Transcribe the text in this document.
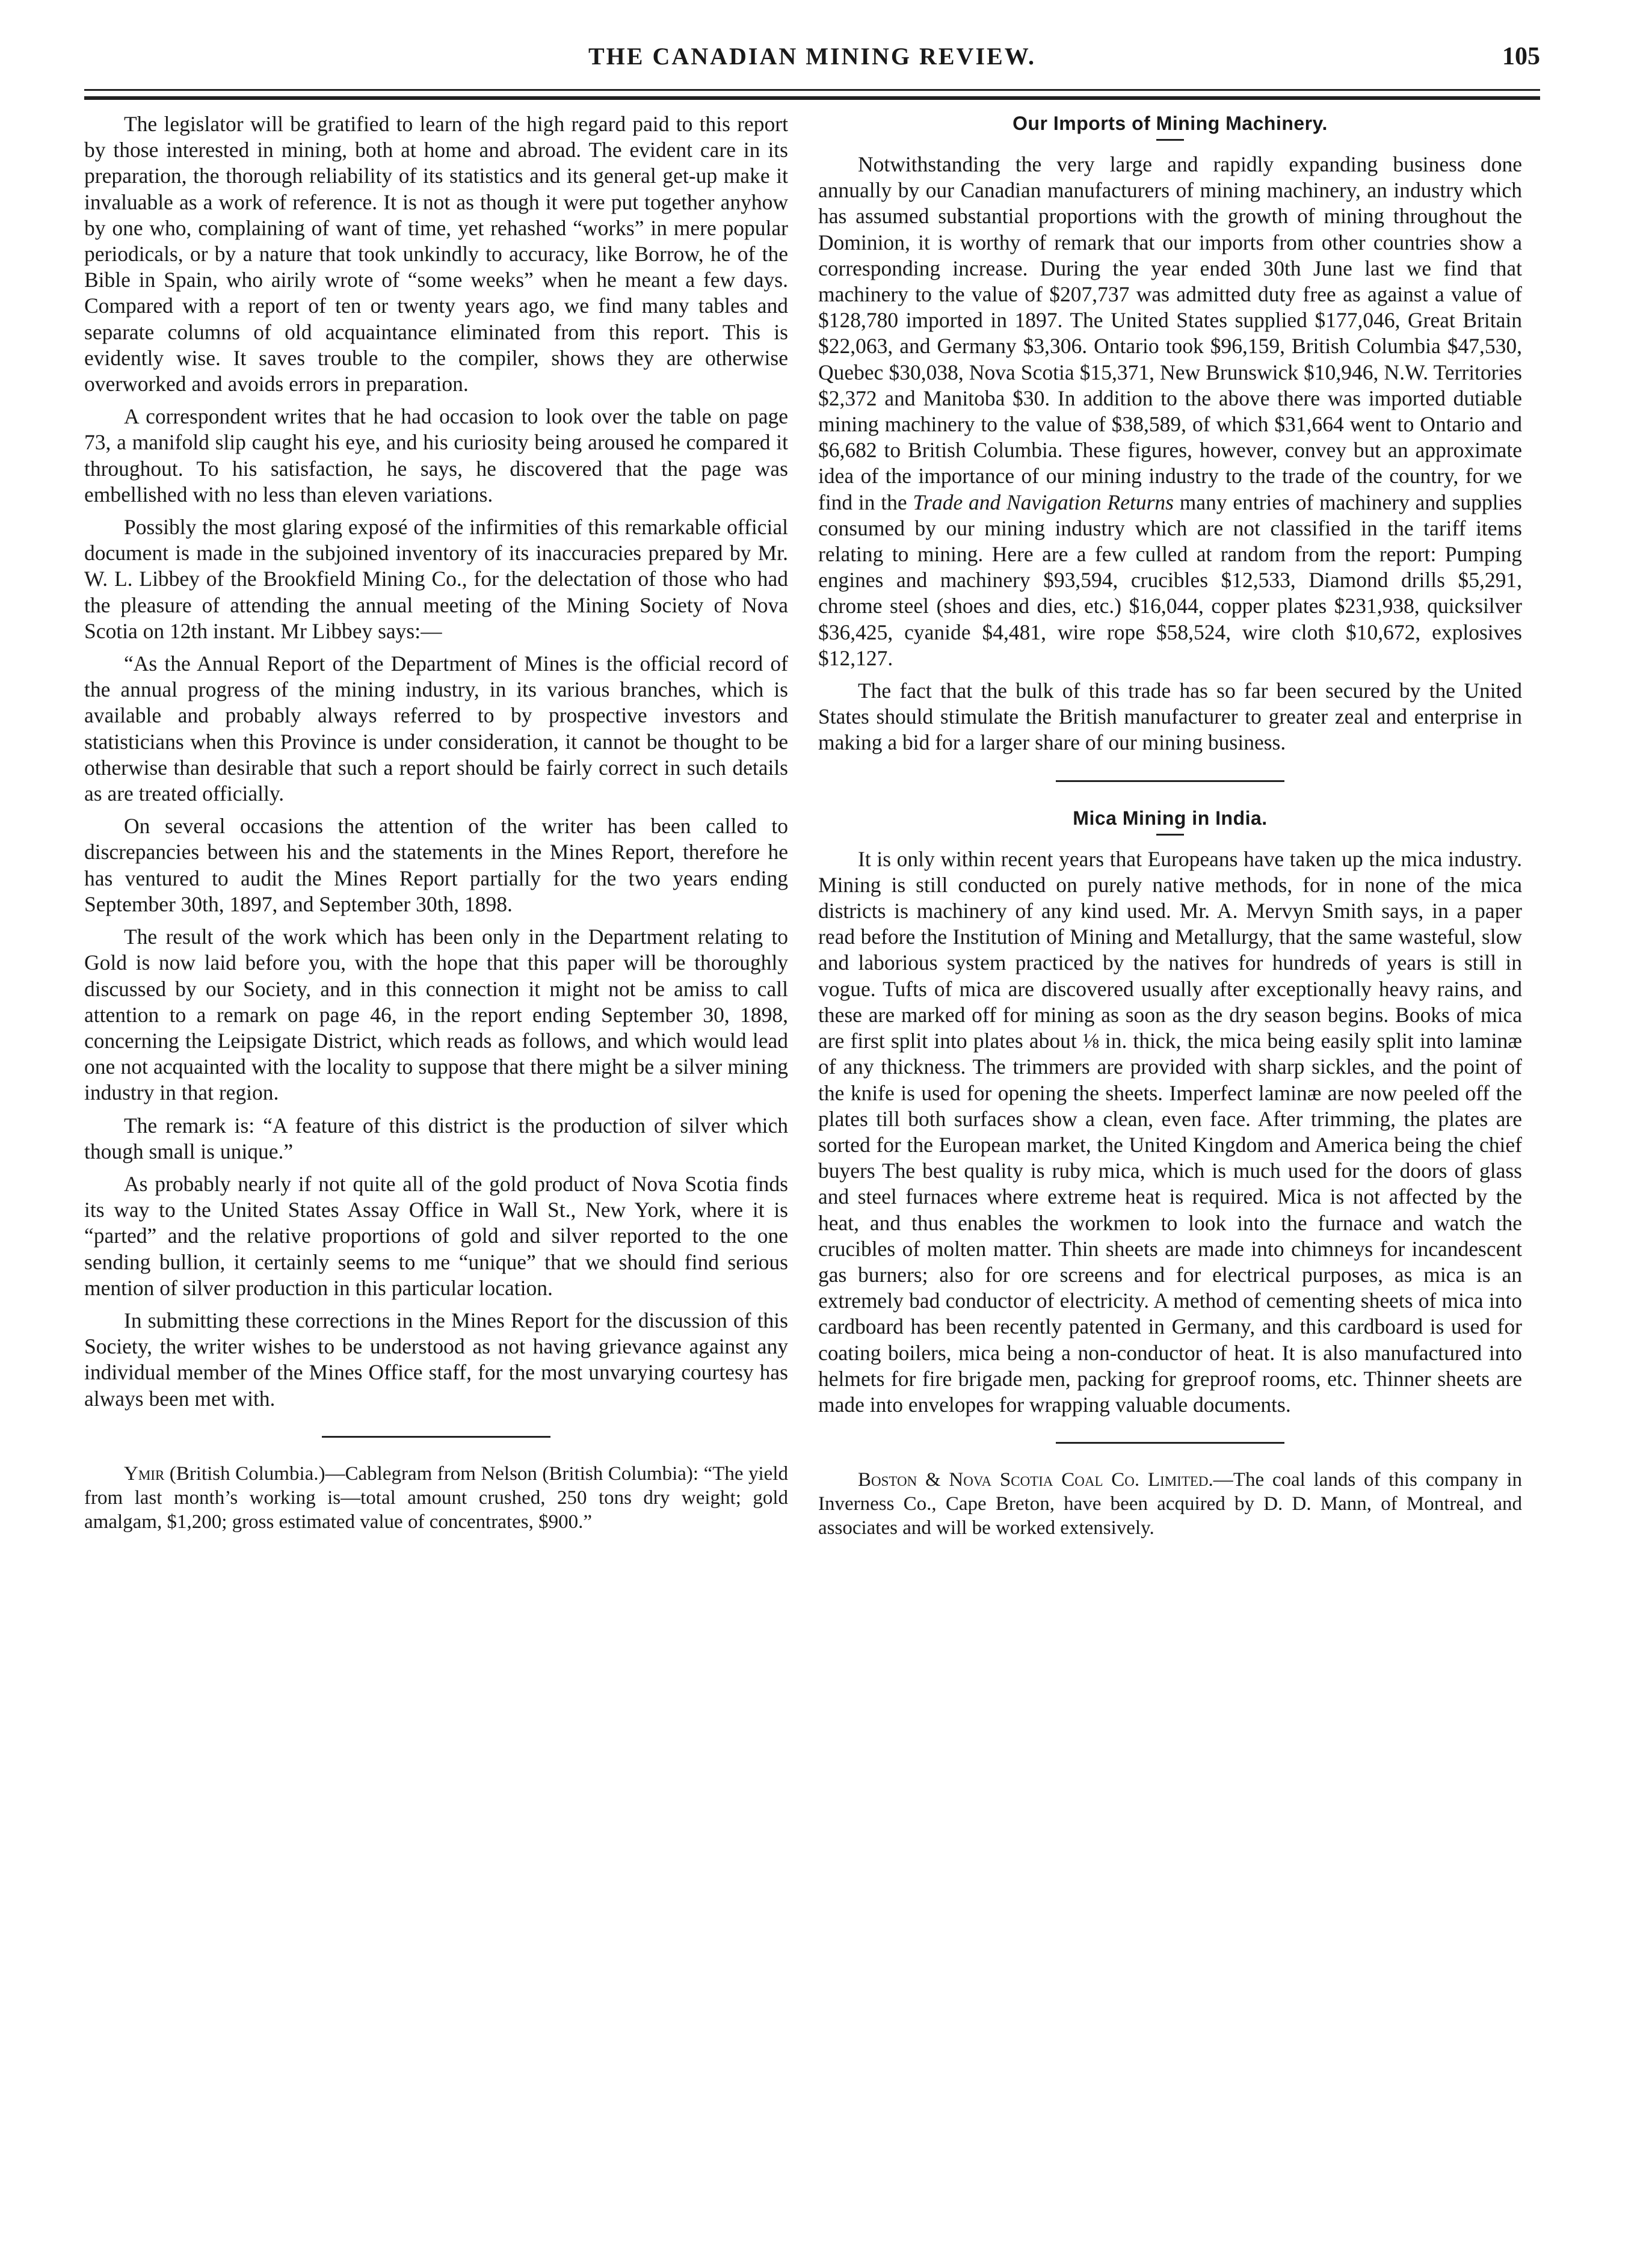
THE CANADIAN MINING REVIEW.	105

The legislator will be gratified to learn of the high regard paid to this report by those interested in mining, both at home and abroad. The evident care in its preparation, the thorough reliability of its statistics and its general get-up make it invaluable as a work of reference. It is not as though it were put together anyhow by one who, complaining of want of time, yet rehashed “works” in mere popular periodicals, or by a nature that took unkindly to accuracy, like Borrow, he of the Bible in Spain, who airily wrote of “some weeks” when he meant a few days. Compared with a report of ten or twenty years ago, we find many tables and separate columns of old acquaintance eliminated from this report. This is evidently wise. It saves trouble to the compiler, shows they are otherwise overworked and avoids errors in preparation.

A correspondent writes that he had occasion to look over the table on page 73, a manifold slip caught his eye, and his curiosity being aroused he compared it throughout. To his satisfaction, he says, he discovered that the page was embellished with no less than eleven variations.

Possibly the most glaring exposé of the infirmities of this remarkable official document is made in the subjoined inventory of its inaccuracies prepared by Mr. W. L. Libbey of the Brookfield Mining Co., for the delectation of those who had the pleasure of attending the annual meeting of the Mining Society of Nova Scotia on 12th instant. Mr Libbey says:—

“As the Annual Report of the Department of Mines is the official record of the annual progress of the mining industry, in its various branches, which is available and probably always referred to by prospective investors and statisticians when this Province is under consideration, it cannot be thought to be otherwise than desirable that such a report should be fairly correct in such details as are treated officially.

On several occasions the attention of the writer has been called to discrepancies between his and the statements in the Mines Report, therefore he has ventured to audit the Mines Report partially for the two years ending September 30th, 1897, and September 30th, 1898.

The result of the work which has been only in the Department relating to Gold is now laid before you, with the hope that this paper will be thoroughly discussed by our Society, and in this connection it might not be amiss to call attention to a remark on page 46, in the report ending September 30, 1898, concerning the Leipsigate District, which reads as follows, and which would lead one not acquainted with the locality to suppose that there might be a silver mining industry in that region.

The remark is: “A feature of this district is the production of silver which though small is unique.”

As probably nearly if not quite all of the gold product of Nova Scotia finds its way to the United States Assay Office in Wall St., New York, where it is “parted” and the relative proportions of gold and silver reported to the one sending bullion, it certainly seems to me “unique” that we should find serious mention of silver production in this particular location.

In submitting these corrections in the Mines Report for the discussion of this Society, the writer wishes to be understood as not having grievance against any individual member of the Mines Office staff, for the most unvarying courtesy has always been met with.

Ymir (British Columbia.)—Cablegram from Nelson (British Columbia): “The yield from last month’s working is—total amount crushed, 250 tons dry weight; gold amalgam, $1,200; gross estimated value of concentrates, $900.”

Our Imports of Mining Machinery.

Notwithstanding the very large and rapidly expanding business done annually by our Canadian manufacturers of mining machinery, an industry which has assumed substantial proportions with the growth of mining throughout the Dominion, it is worthy of remark that our imports from other countries show a corresponding increase. During the year ended 30th June last we find that machinery to the value of $207,737 was admitted duty free as against a value of $128,780 imported in 1897. The United States supplied $177,046, Great Britain $22,063, and Germany $3,306. Ontario took $96,159, British Columbia $47,530, Quebec $30,038, Nova Scotia $15,371, New Brunswick $10,946, N.W. Territories $2,372 and Manitoba $30. In addition to the above there was imported dutiable mining machinery to the value of $38,589, of which $31,664 went to Ontario and $6,682 to British Columbia. These figures, however, convey but an approximate idea of the importance of our mining industry to the trade of the country, for we find in the Trade and Navigation Returns many entries of machinery and supplies consumed by our mining industry which are not classified in the tariff items relating to mining. Here are a few culled at random from the report: Pumping engines and machinery $93,594, crucibles $12,533, Diamond drills $5,291, chrome steel (shoes and dies, etc.) $16,044, copper plates $231,938, quicksilver $36,425, cyanide $4,481, wire rope $58,524, wire cloth $10,672, explosives $12,127.

The fact that the bulk of this trade has so far been secured by the United States should stimulate the British manufacturer to greater zeal and enterprise in making a bid for a larger share of our mining business.

Mica Mining in India.

It is only within recent years that Europeans have taken up the mica industry. Mining is still conducted on purely native methods, for in none of the mica districts is machinery of any kind used. Mr. A. Mervyn Smith says, in a paper read before the Institution of Mining and Metallurgy, that the same wasteful, slow and laborious system practiced by the natives for hundreds of years is still in vogue. Tufts of mica are discovered usually after exceptionally heavy rains, and these are marked off for mining as soon as the dry season begins. Books of mica are first split into plates about ⅛ in. thick, the mica being easily split into laminæ of any thickness. The trimmers are provided with sharp sickles, and the point of the knife is used for opening the sheets. Imperfect laminæ are now peeled off the plates till both surfaces show a clean, even face. After trimming, the plates are sorted for the European market, the United Kingdom and America being the chief buyers The best quality is ruby mica, which is much used for the doors of glass and steel furnaces where extreme heat is required. Mica is not affected by the heat, and thus enables the workmen to look into the furnace and watch the crucibles of molten matter. Thin sheets are made into chimneys for incandescent gas burners; also for ore screens and for electrical purposes, as mica is an extremely bad conductor of electricity. A method of cementing sheets of mica into cardboard has been recently patented in Germany, and this cardboard is used for coating boilers, mica being a non-conductor of heat. It is also manufactured into helmets for fire brigade men, packing for greproof rooms, etc. Thinner sheets are made into envelopes for wrapping valuable documents.

Boston & Nova Scotia Coal Co. Limited.—The coal lands of this company in Inverness Co., Cape Breton, have been acquired by D. D. Mann, of Montreal, and associates and will be worked extensively.
